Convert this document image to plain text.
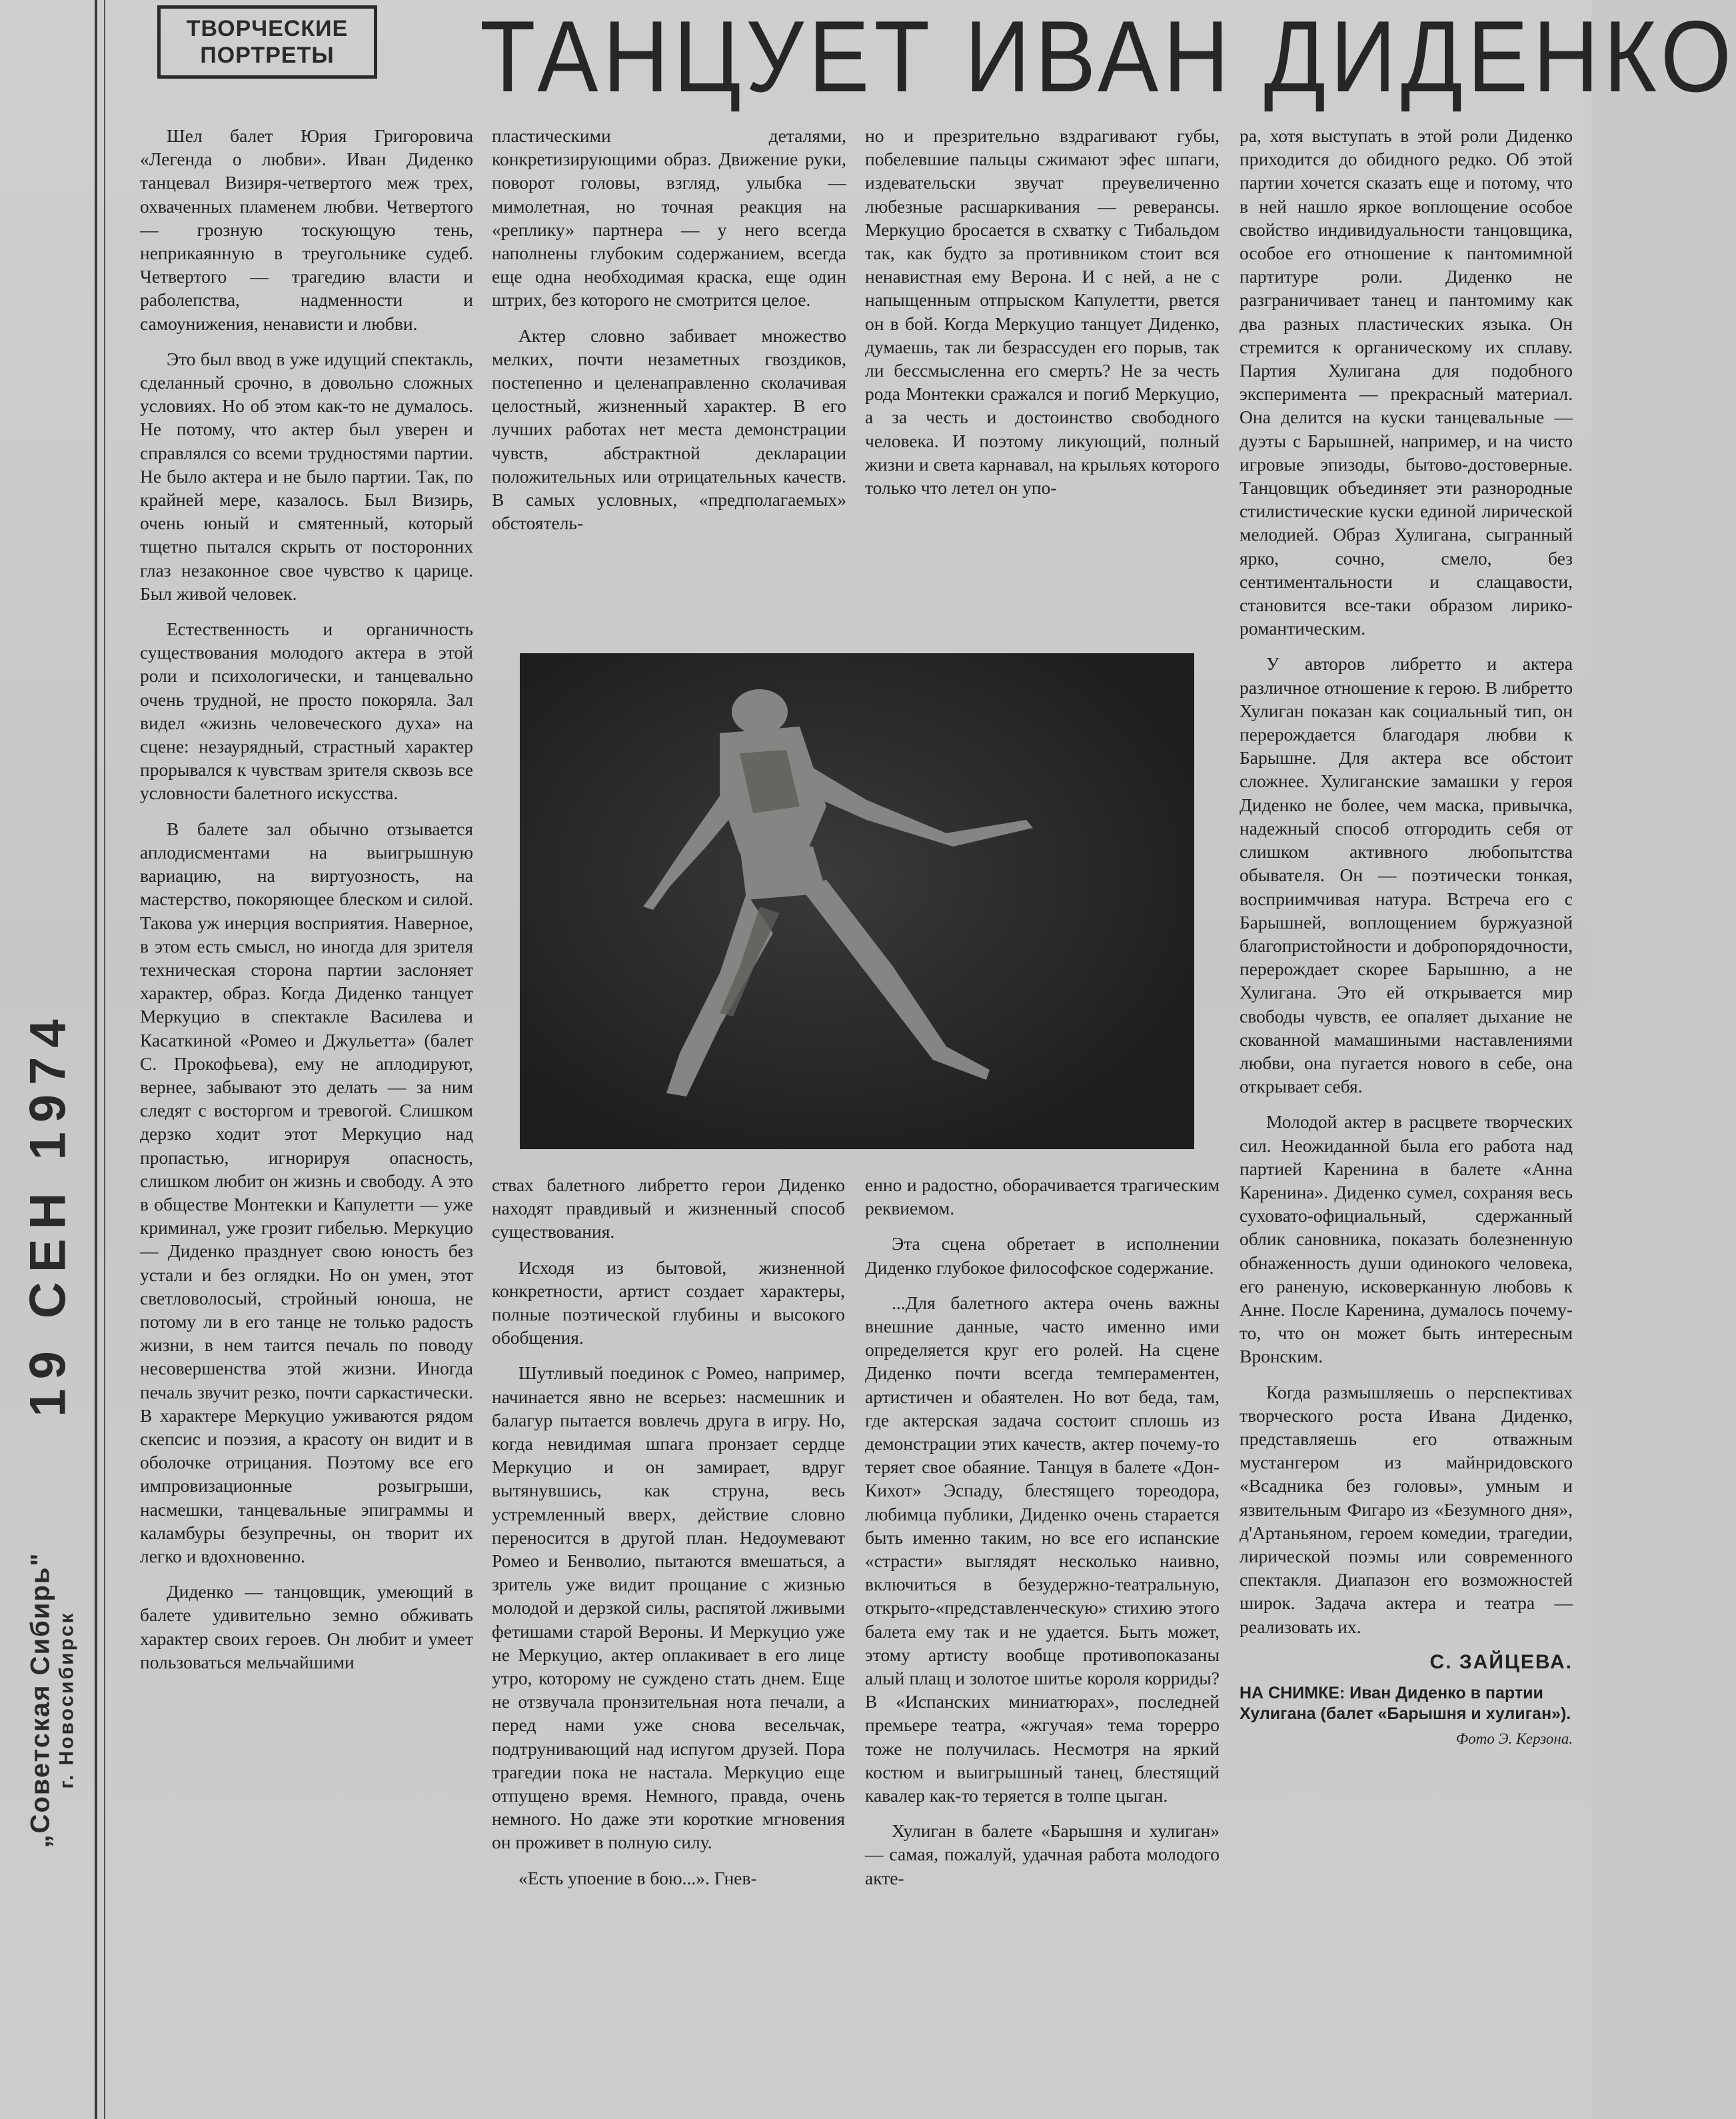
19 СЕН 1974
„Советская Сибирь" г. Новосибирск
ТВОРЧЕСКИЕ
ПОРТРЕТЫ ТАНЦУЕТ ИВАН ДИДЕНКО

Шел балет Юрия Григоровича «Легенда о любви». Иван Диденко танцевал Визиря-четвертого меж трех, охваченных пламенем любви. Четвертого — грозную тоскующую тень, неприкаянную в треугольнике судеб. Четвертого — трагедию власти и раболепства, надменности и самоунижения, ненависти и любви.

Это был ввод в уже идущий спектакль, сделанный срочно, в довольно сложных условиях. Но об этом как-то не думалось. Не потому, что актер был уверен и справлялся со всеми трудностями партии. Не было актера и не было партии. Так, по крайней мере, казалось. Был Визирь, очень юный и смятенный, который тщетно пытался скрыть от посторонних глаз незаконное свое чувство к царице. Был живой человек.

Естественность и органичность существования молодого актера в этой роли и психологически, и танцевально очень трудной, не просто покоряла. Зал видел «жизнь человеческого духа» на сцене: незаурядный, страстный характер прорывался к чувствам зрителя сквозь все условности балетного искусства.

В балете зал обычно отзывается аплодисментами на выигрышную вариацию, на виртуозность, на мастерство, покоряющее блеском и силой. Такова уж инерция восприятия. Наверное, в этом есть смысл, но иногда для зрителя техническая сторона партии заслоняет характер, образ. Когда Диденко танцует Меркуцио в спектакле Василева и Касаткиной «Ромео и Джульетта» (балет С. Прокофьева), ему не аплодируют, вернее, забывают это делать — за ним следят с восторгом и тревогой. Слишком дерзко ходит этот Меркуцио над пропастью, игнорируя опасность, слишком любит он жизнь и свободу. А это в обществе Монтекки и Капулетти — уже криминал, уже грозит гибелью. Меркуцио — Диденко празднует свою юность без устали и без оглядки. Но он умен, этот светловолосый, стройный юноша, не потому ли в его танце не только радость жизни, в нем таится печаль по поводу несовершенства этой жизни. Иногда печаль звучит резко, почти саркастически. В характере Меркуцио уживаются рядом скепсис и поэзия, а красоту он видит и в оболочке отрицания. Поэтому все его импровизационные розыгрыши, насмешки, танцевальные эпиграммы и каламбуры безупречны, он творит их легко и вдохновенно.

Диденко — танцовщик, умеющий в балете удивительно земно обживать характер своих героев. Он любит и умеет пользоваться мельчайшими

пластическими деталями, конкретизирующими образ. Движение руки, поворот головы, взгляд, улыбка — мимолетная, но точная реакция на «реплику» партнера — у него всегда наполнены глубоким содержанием, всегда еще одна необходимая краска, еще один штрих, без которого не смотрится целое.

Актер словно забивает множество мелких, почти незаметных гвоздиков, постепенно и целенаправленно сколачивая целостный, жизненный характер. В его лучших работах нет места демонстрации чувств, абстрактной декларации положительных или отрицательных качеств. В самых условных, «предполагаемых» обстоятель-

но и презрительно вздрагивают губы, побелевшие пальцы сжимают эфес шпаги, издевательски звучат преувеличенно любезные расшаркивания — реверансы. Меркуцио бросается в схватку с Тибальдом так, как будто за противником стоит вся ненавистная ему Верона. И с ней, а не с напыщенным отпрыском Капулетти, рвется он в бой. Когда Меркуцио танцует Диденко, думаешь, так ли безрассуден его порыв, так ли бессмысленна его смерть? Не за честь рода Монтекки сражался и погиб Меркуцио, а за честь и достоинство свободного человека. И поэтому ликующий, полный жизни и света карнавал, на крыльях которого только что летел он упо-

ствах балетного либретто герои Диденко находят правдивый и жизненный способ существования.

Исходя из бытовой, жизненной конкретности, артист создает характеры, полные поэтической глубины и высокого обобщения.

Шутливый поединок с Ромео, например, начинается явно не всерьез: насмешник и балагур пытается вовлечь друга в игру. Но, когда невидимая шпага пронзает сердце Меркуцио и он замирает, вдруг вытянувшись, как струна, весь устремленный вверх, действие словно переносится в другой план. Недоумевают Ромео и Бенволио, пытаются вмешаться, а зритель уже видит прощание с жизнью молодой и дерзкой силы, распятой лживыми фетишами старой Вероны. И Меркуцио уже не Меркуцио, актер оплакивает в его лице утро, которому не суждено стать днем. Еще не отзвучала пронзительная нота печали, а перед нами уже снова весельчак, подтрунивающий над испугом друзей. Пора трагедии пока не настала. Меркуцио еще отпущено время. Немного, правда, очень немного. Но даже эти короткие мгновения он проживет в полную силу.

«Есть упоение в бою...». Гнев-

енно и радостно, оборачивается трагическим реквиемом.

Эта сцена обретает в исполнении Диденко глубокое философское содержание.

...Для балетного актера очень важны внешние данные, часто именно ими определяется круг его ролей. На сцене Диденко почти всегда темпераментен, артистичен и обаятелен. Но вот беда, там, где актерская задача состоит сплошь из демонстрации этих качеств, актер почему-то теряет свое обаяние. Танцуя в балете «Дон-Кихот» Эспаду, блестящего тореодора, любимца публики, Диденко очень старается быть именно таким, но все его испанские «страсти» выглядят несколько наивно, включиться в безудержно-театральную, открыто-«представленческую» стихию этого балета ему так и не удается. Быть может, этому артисту вообще противопоказаны алый плащ и золотое шитье короля корриды? В «Испанских миниатюрах», последней премьере театра, «жгучая» тема торерро тоже не получилась. Несмотря на яркий костюм и выигрышный танец, блестящий кавалер как-то теряется в толпе цыган.

Хулиган в балете «Барышня и хулиган» — самая, пожалуй, удачная работа молодого акте-

ра, хотя выступать в этой роли Диденко приходится до обидного редко. Об этой партии хочется сказать еще и потому, что в ней нашло яркое воплощение особое свойство индивидуальности танцовщика, особое его отношение к пантомимной партитуре роли. Диденко не разграничивает танец и пантомиму как два разных пластических языка. Он стремится к органическому их сплаву. Партия Хулигана для подобного эксперимента — прекрасный материал. Она делится на куски танцевальные — дуэты с Барышней, например, и на чисто игровые эпизоды, бытово-достоверные. Танцовщик объединяет эти разнородные стилистические куски единой лирической мелодией. Образ Хулигана, сыгранный ярко, сочно, смело, без сентиментальности и слащавости, становится все-таки образом лирико-романтическим.

У авторов либретто и актера различное отношение к герою. В либретто Хулиган показан как социальный тип, он перерождается благодаря любви к Барышне. Для актера все обстоит сложнее. Хулиганские замашки у героя Диденко не более, чем маска, привычка, надежный способ отгородить себя от слишком активного любопытства обывателя. Он — поэтически тонкая, восприимчивая натура. Встреча его с Барышней, воплощением буржуазной благопристойности и добропорядочности, перерождает скорее Барышню, а не Хулигана. Это ей открывается мир свободы чувств, ее опаляет дыхание не скованной мамашиными наставлениями любви, она пугается нового в себе, она открывает себя.

Молодой актер в расцвете творческих сил. Неожиданной была его работа над партией Каренина в балете «Анна Каренина». Диденко сумел, сохраняя весь суховато-официальный, сдержанный облик сановника, показать болезненную обнаженность души одинокого человека, его раненую, исковерканную любовь к Анне. После Каренина, думалось почему-то, что он может быть интересным Вронским.

Когда размышляешь о перспективах творческого роста Ивана Диденко, представляешь его отважным мустангером из майнридовского «Всадника без головы», умным и язвительным Фигаро из «Безумного дня», д'Артаньяном, героем комедии, трагедии, лирической поэмы или современного спектакля. Диапазон его возможностей широк. Задача актера и театра — реализовать их.

С. ЗАЙЦЕВА.
НА СНИМКЕ: Иван Диденко в партии Хулигана (балет «Барышня и хулиган»).
Фото Э. Керзона.
